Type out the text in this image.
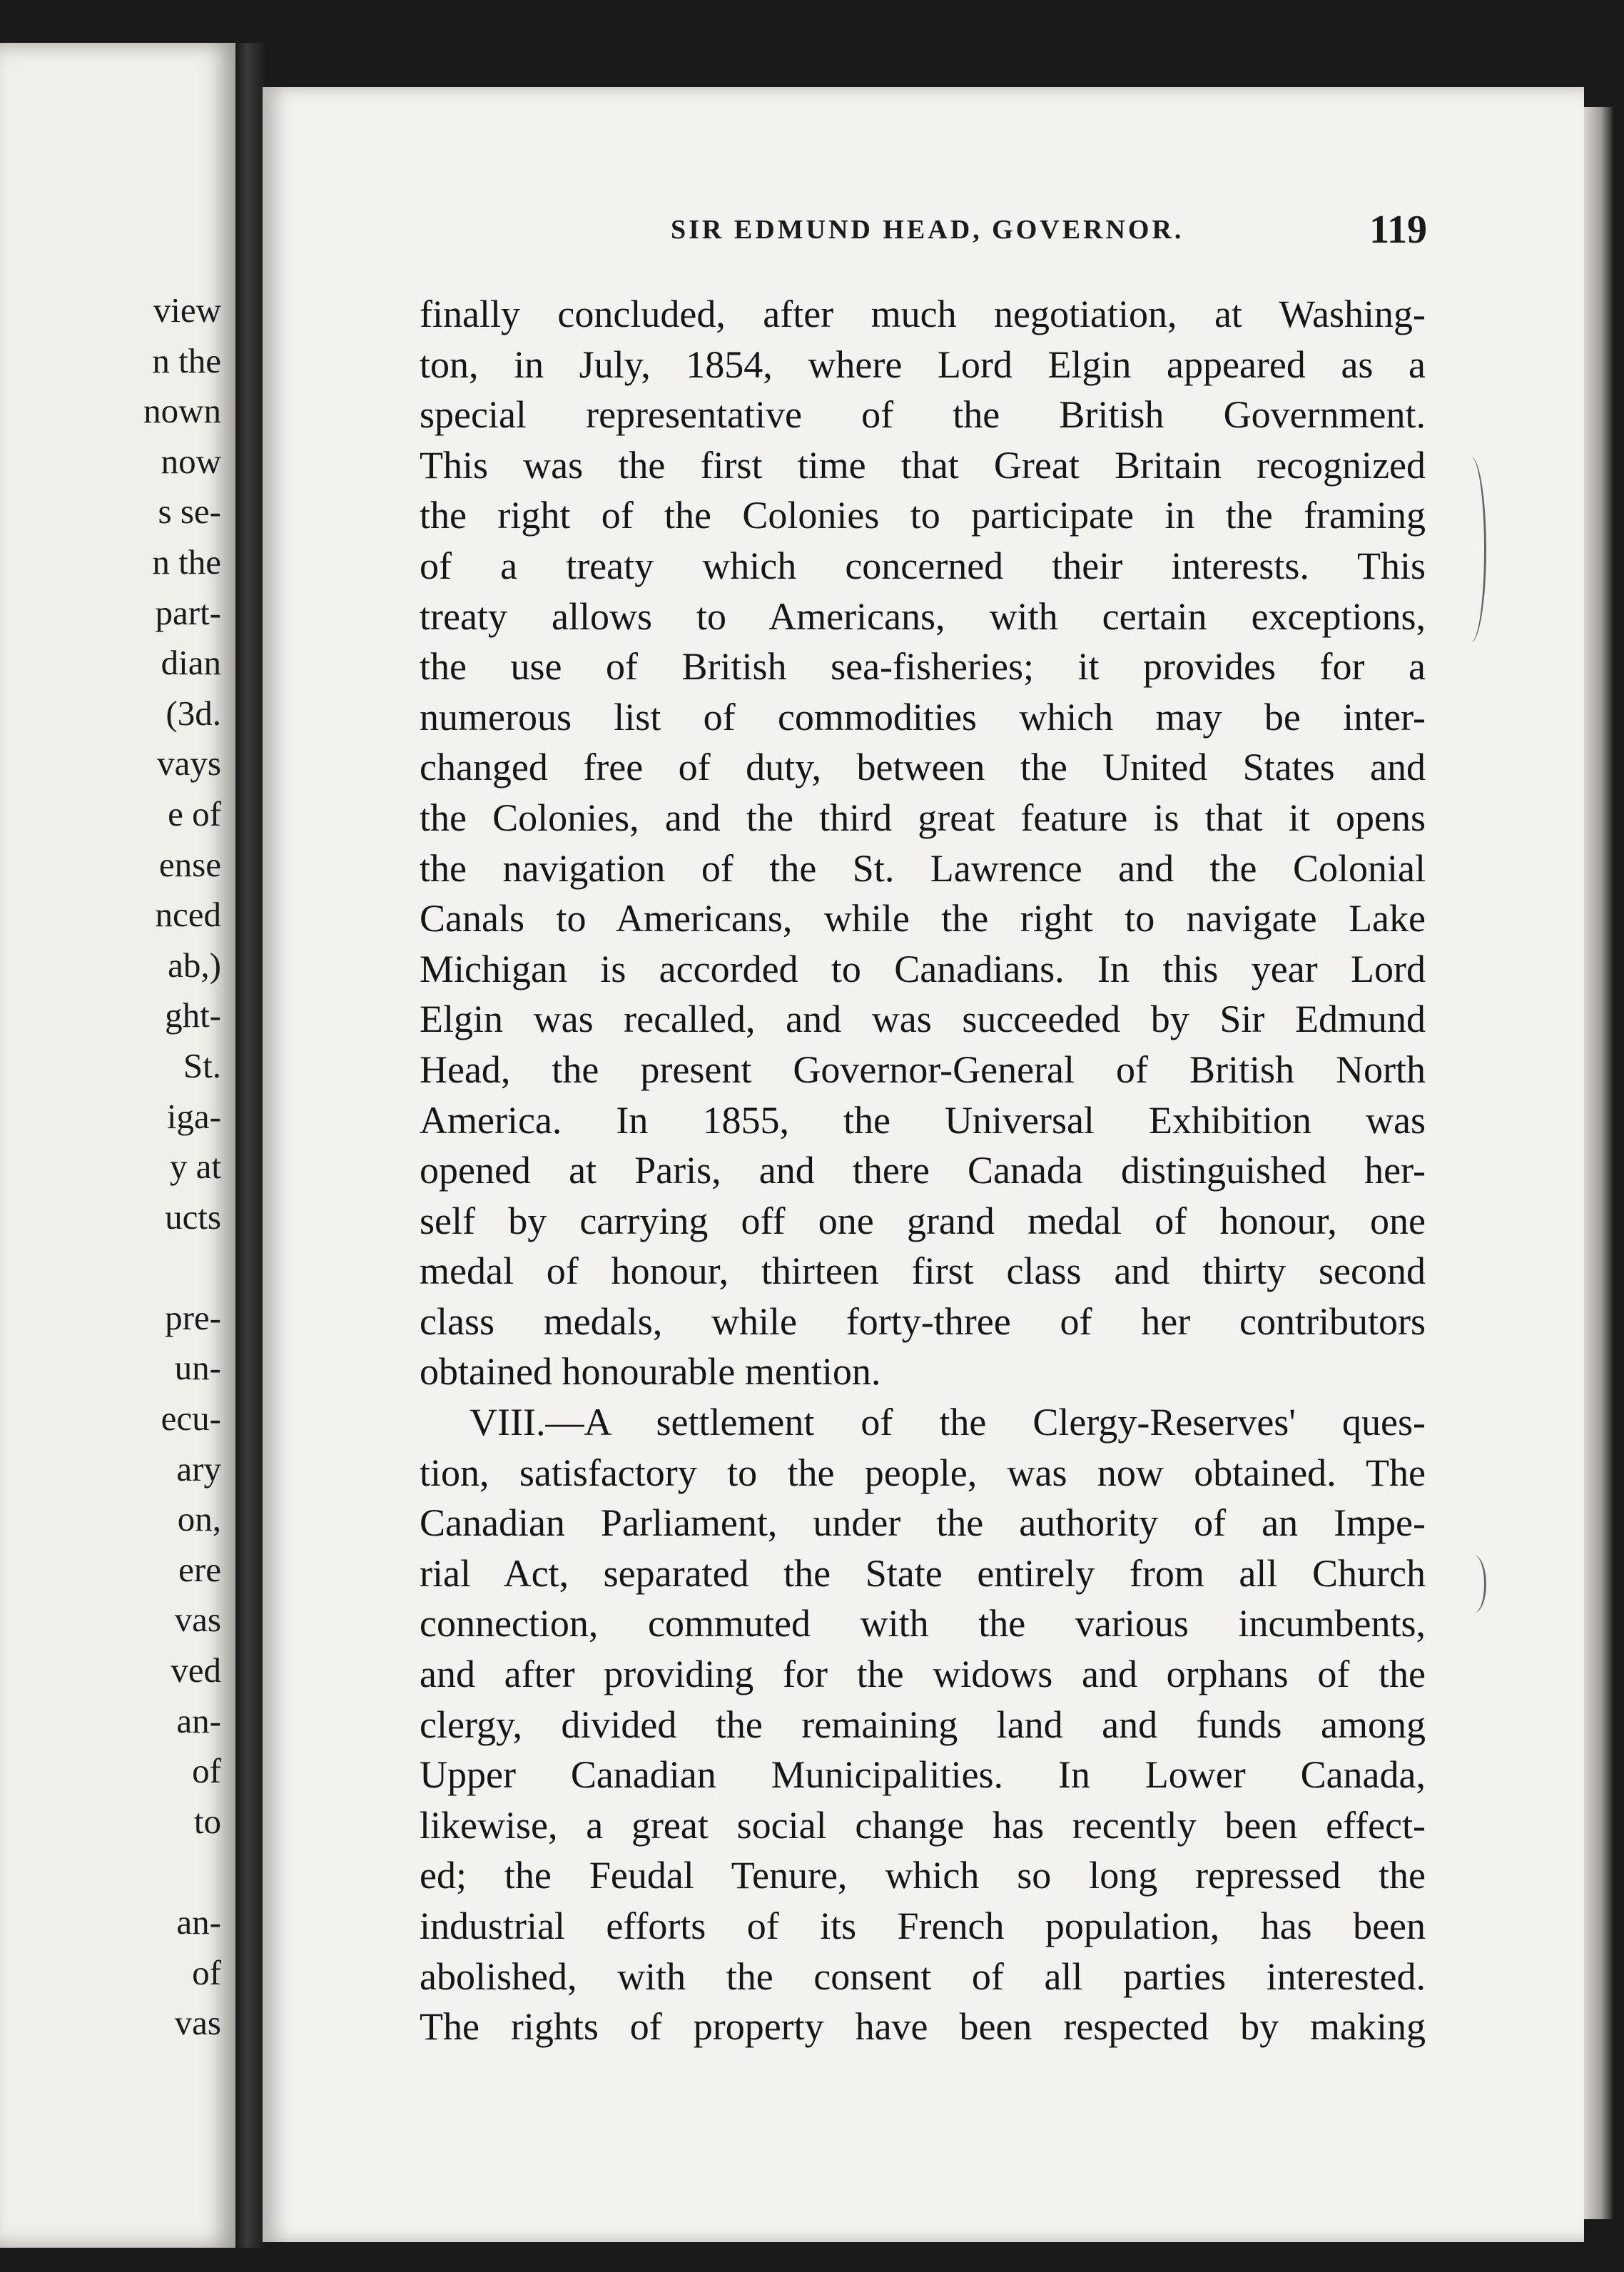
view
n the
nown
now
s se-
n the
part-
dian
(3d.
vays
e of
ense
nced
ab,)
ght-
St.
iga-
y at
ucts
pre-
un-
ecu-
ary
on,
ere
vas
ved
an-
of
to
an-
of
vas
SIR EDMUND HEAD, GOVERNOR.	119
finally concluded, after much negotiation, at Washing-
ton, in July, 1854, where Lord Elgin appeared as a
special representative of the British Government.
This was the first time that Great Britain recognized
the right of the Colonies to participate in the framing
of a treaty which concerned their interests. This
treaty allows to Americans, with certain exceptions,
the use of British sea-fisheries; it provides for a
numerous list of commodities which may be inter-
changed free of duty, between the United States and
the Colonies, and the third great feature is that it opens
the navigation of the St. Lawrence and the Colonial
Canals to Americans, while the right to navigate Lake
Michigan is accorded to Canadians. In this year Lord
Elgin was recalled, and was succeeded by Sir Edmund
Head, the present Governor-General of British North
America. In 1855, the Universal Exhibition was
opened at Paris, and there Canada distinguished her-
self by carrying off one grand medal of honour, one
medal of honour, thirteen first class and thirty second
class medals, while forty-three of her contributors
obtained honourable mention.
VIII.—A settlement of the Clergy-Reserves' ques-
tion, satisfactory to the people, was now obtained. The
Canadian Parliament, under the authority of an Impe-
rial Act, separated the State entirely from all Church
connection, commuted with the various incumbents,
and after providing for the widows and orphans of the
clergy, divided the remaining land and funds among
Upper Canadian Municipalities. In Lower Canada,
likewise, a great social change has recently been effect-
ed; the Feudal Tenure, which so long repressed the
industrial efforts of its French population, has been
abolished, with the consent of all parties interested.
The rights of property have been respected by making
